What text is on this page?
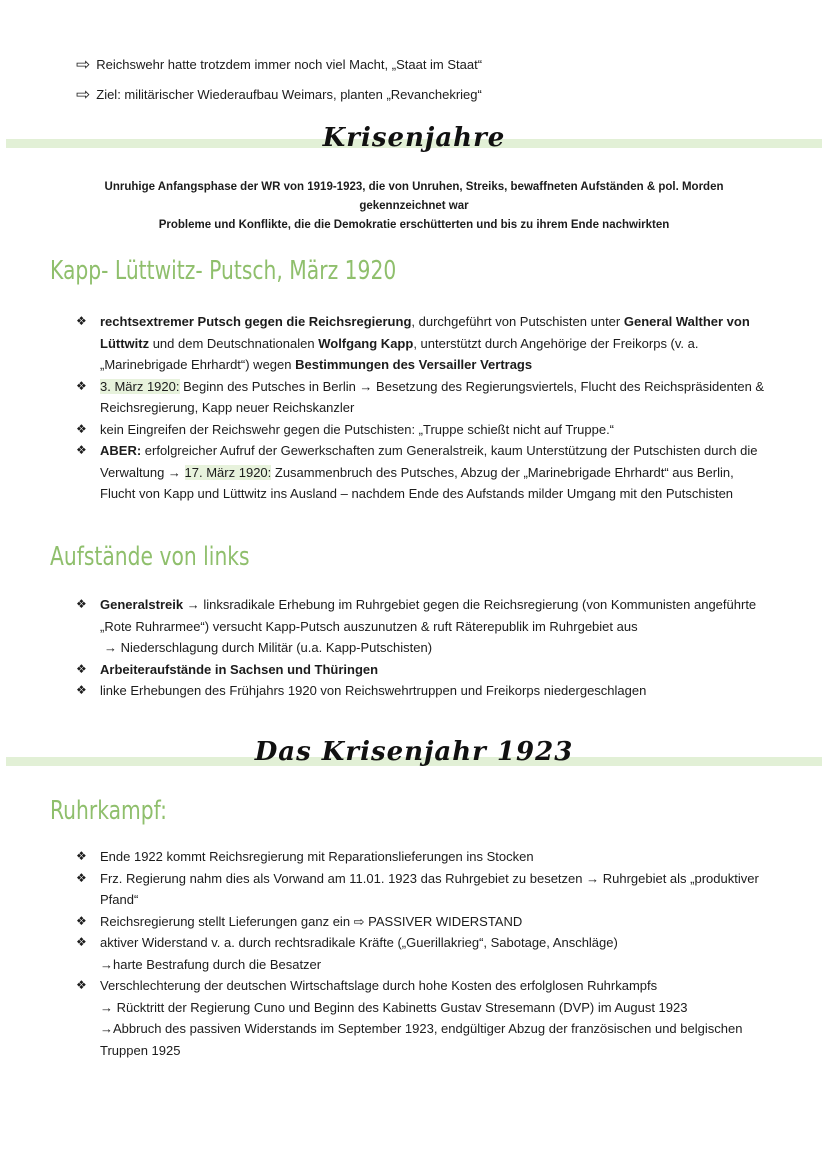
⇨ Reichswehr hatte trotzdem immer noch viel Macht, „Staat im Staat“
⇨ Ziel: militärischer Wiederaufbau Weimars, planten „Revanchekrieg“
Krisenjahre
Unruhige Anfangsphase der WR von 1919-1923, die von Unruhen, Streiks, bewaffneten Aufständen & pol. Morden
gekennzeichnet war
Probleme und Konflikte, die die Demokratie erschütterten und bis zu ihrem Ende nachwirkten
Kapp- Lüttwitz- Putsch, März 1920
❖ rechtsextremer Putsch gegen die Reichsregierung, durchgeführt von Putschisten unter General Walther von Lüttwitz und dem Deutschnationalen Wolfgang Kapp, unterstützt durch Angehörige der Freikorps (v. a. „Marinebrigade Ehrhardt“) wegen Bestimmungen des Versailler Vertrags
❖ 3. März 1920: Beginn des Putsches in Berlin → Besetzung des Regierungsviertels, Flucht des Reichspräsidenten & Reichsregierung, Kapp neuer Reichskanzler
❖ kein Eingreifen der Reichswehr gegen die Putschisten: „Truppe schießt nicht auf Truppe.“
❖ ABER: erfolgreicher Aufruf der Gewerkschaften zum Generalstreik, kaum Unterstützung der Putschisten durch die Verwaltung → 17. März 1920: Zusammenbruch des Putsches, Abzug der „Marinebrigade Ehrhardt“ aus Berlin, Flucht von Kapp und Lüttwitz ins Ausland – nachdem Ende des Aufstands milder Umgang mit den Putschisten
Aufstände von links
❖ Generalstreik → linksradikale Erhebung im Ruhrgebiet gegen die Reichsregierung (von Kommunisten angeführte „Rote Ruhrarmee“) versucht Kapp-Putsch auszunutzen & ruft Räterepublik im Ruhrgebiet aus
→ Niederschlagung durch Militär (u.a. Kapp-Putschisten)
❖ Arbeiteraufstände in Sachsen und Thüringen
❖ linke Erhebungen des Frühjahrs 1920 von Reichswehrtruppen und Freikorps niedergeschlagen
Das Krisenjahr 1923
Ruhrkampf:
❖ Ende 1922 kommt Reichsregierung mit Reparationslieferungen ins Stocken
❖ Frz. Regierung nahm dies als Vorwand am 11.01. 1923 das Ruhrgebiet zu besetzen → Ruhrgebiet als „produktiver Pfand“
❖ Reichsregierung stellt Lieferungen ganz ein ⇨ PASSIVER WIDERSTAND
❖ aktiver Widerstand v. a. durch rechtsradikale Kräfte („Guerillakrieg“, Sabotage, Anschläge)
→harte Bestrafung durch die Besatzer
❖ Verschlechterung der deutschen Wirtschaftslage durch hohe Kosten des erfolglosen Ruhrkampfs
→ Rücktritt der Regierung Cuno und Beginn des Kabinetts Gustav Stresemann (DVP) im August 1923
→Abbruch des passiven Widerstands im September 1923, endgültiger Abzug der französischen und belgischen Truppen 1925
